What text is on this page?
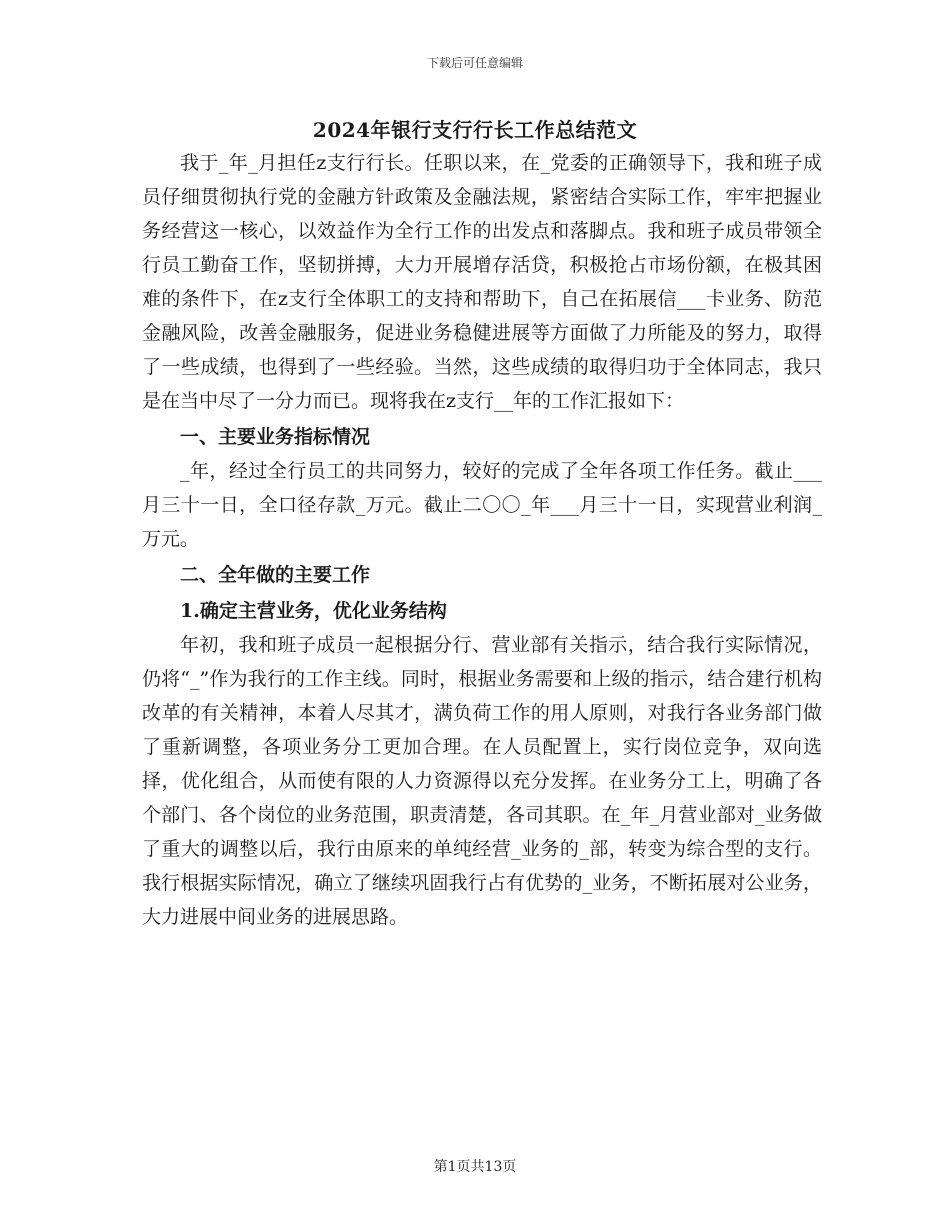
下载后可任意编辑
2024年银行支行行长工作总结范文

我于_年_月担任z支行行长。任职以来，在_党委的正确领导下，我和班子成员仔细贯彻执行党的金融方针政策及金融法规，紧密结合实际工作，牢牢把握业务经营这一核心，以效益作为全行工作的出发点和落脚点。我和班子成员带领全行员工勤奋工作，坚韧拼搏，大力开展增存活贷，积极抢占市场份额，在极其困难的条件下，在z支行全体职工的支持和帮助下，自己在拓展信___卡业务、防范金融风险，改善金融服务，促进业务稳健进展等方面做了力所能及的努力，取得了一些成绩，也得到了一些经验。当然，这些成绩的取得归功于全体同志，我只是在当中尽了一分力而已。现将我在z支行__年的工作汇报如下：

一、主要业务指标情况

_年，经过全行员工的共同努力，较好的完成了全年各项工作任务。截止___月三十一日，全口径存款_万元。截止二〇〇_年___月三十一日，实现营业利润_万元。

二、全年做的主要工作

1.确定主营业务，优化业务结构

年初，我和班子成员一起根据分行、营业部有关指示，结合我行实际情况，仍将“_”作为我行的工作主线。同时，根据业务需要和上级的指示，结合建行机构改革的有关精神，本着人尽其才，满负荷工作的用人原则，对我行各业务部门做了重新调整，各项业务分工更加合理。在人员配置上，实行岗位竞争，双向选择，优化组合，从而使有限的人力资源得以充分发挥。在业务分工上，明确了各个部门、各个岗位的业务范围，职责清楚，各司其职。在_年_月营业部对_业务做了重大的调整以后，我行由原来的单纯经营_业务的_部，转变为综合型的支行。我行根据实际情况，确立了继续巩固我行占有优势的_业务，不断拓展对公业务，大力进展中间业务的进展思路。

第1页共13页
